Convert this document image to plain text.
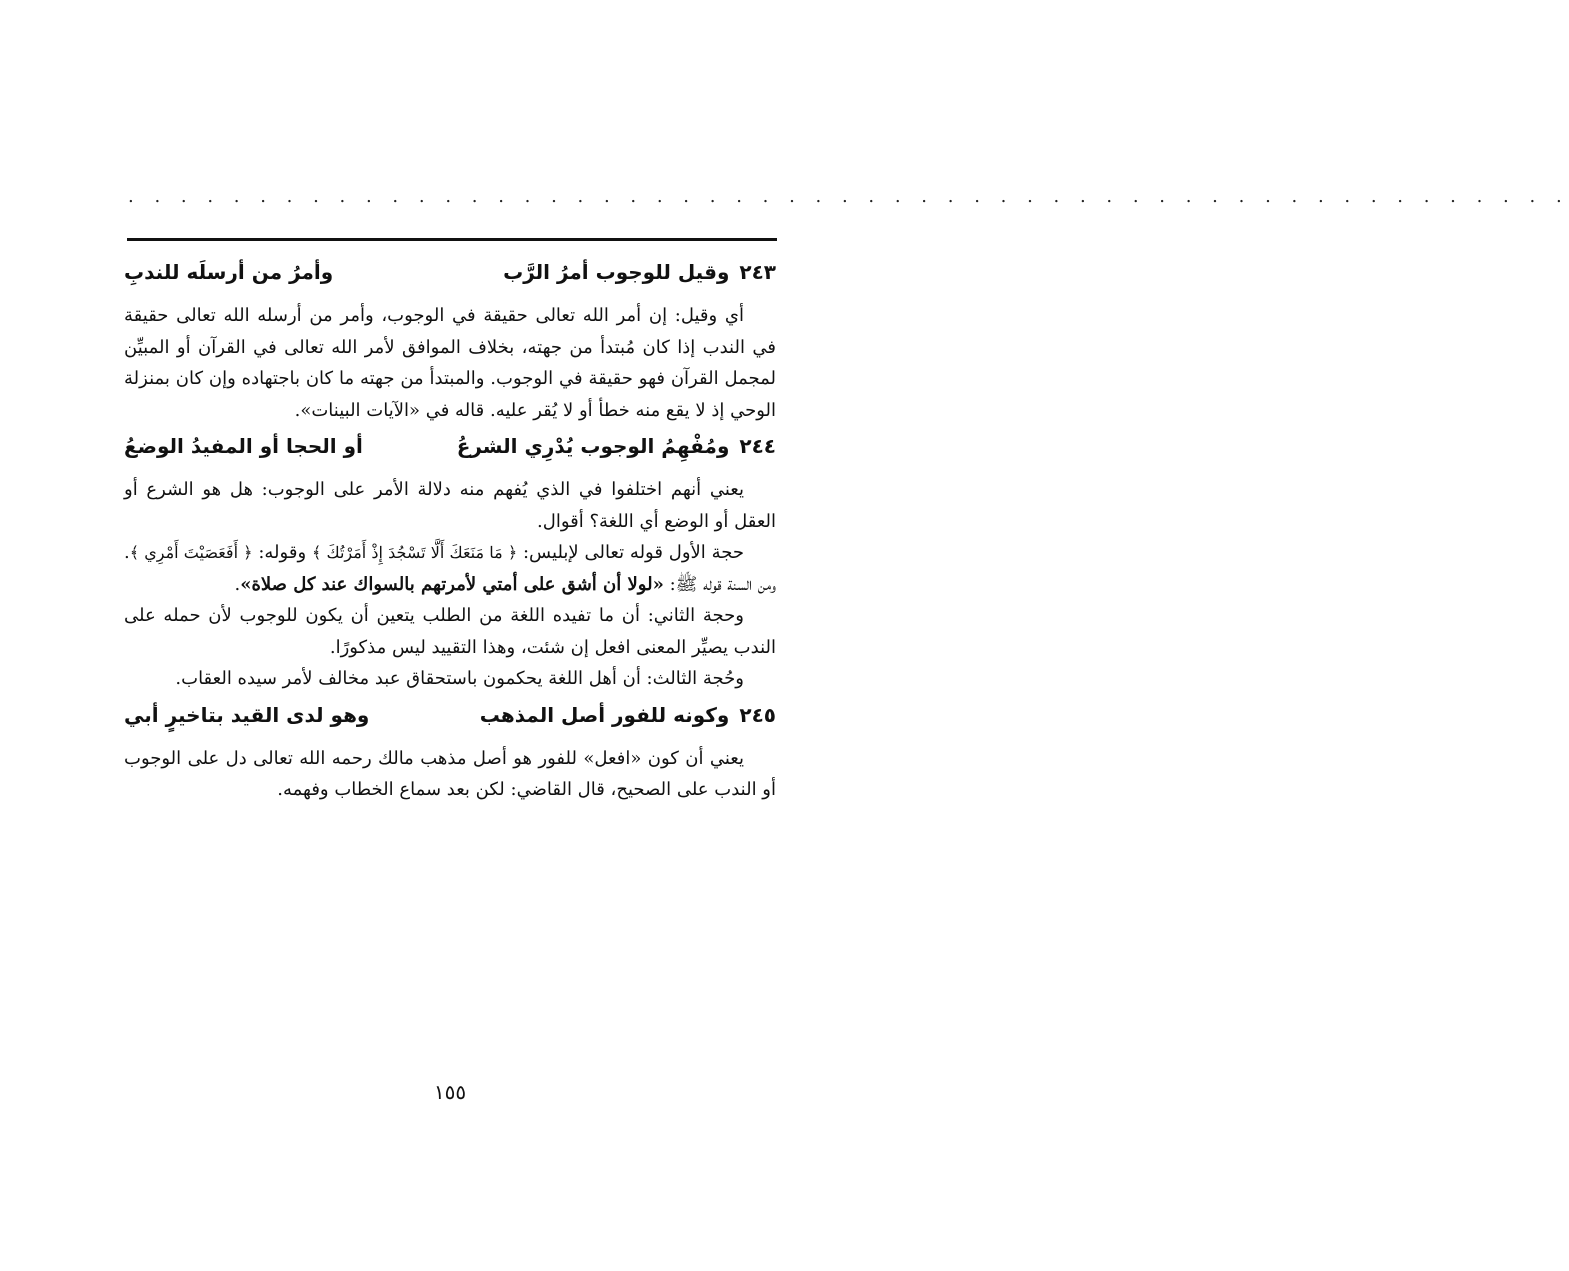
. . . . . . . . . . . . . . . . . . . . . . . . . . . . . . . . . . . . . . . . . . . . . . . . . . . . . . .
٢٤٣
وقيل للوجوب أمرُ الرَّب
وأمرُ من أرسلَه للندبِ

أي وقيل: إن أمر الله تعالى حقيقة في الوجوب، وأمر من أرسله الله تعالى حقيقة في الندب إذا كان مُبتدأ من جهته، بخلاف الموافق لأمر الله تعالى في القرآن أو المبيِّن لمجمل القرآن فهو حقيقة في الوجوب. والمبتدأ من جهته ما كان باجتهاده وإن كان بمنزلة الوحي إذ لا يقع منه خطأ أو لا يُقر عليه. قاله في «الآيات البينات».

٢٤٤
ومُفْهِمُ الوجوب يُدْرِي الشرعُ
أو الحجا أو المفيدُ الوضعُ

يعني أنهم اختلفوا في الذي يُفهم منه دلالة الأمر على الوجوب: هل هو الشرع أو العقل أو الوضع أي اللغة؟ أقوال.

حجة الأول قوله تعالى لإبليس: ﴿ مَا مَنَعَكَ أَلَّا تَسْجُدَ إِذْ أَمَرْتُكَ ﴾ وقوله: ﴿ أَفَعَصَيْتَ أَمْرِي ﴾. ومن السنة قوله ﷺ: «لولا أن أشق على أمتي لأمرتهم بالسواك عند كل صلاة».

وحجة الثاني: أن ما تفيده اللغة من الطلب يتعين أن يكون للوجوب لأن حمله على الندب يصيِّر المعنى افعل إن شئت، وهذا التقييد ليس مذكورًا.

وحُجة الثالث: أن أهل اللغة يحكمون باستحقاق عبد مخالف لأمر سيده العقاب.

٢٤٥
وكونه للفور أصل المذهب
وهو لدى القيد بتاخيرٍ أبي

يعني أن كون «افعل» للفور هو أصل مذهب مالك رحمه الله تعالى دل على الوجوب أو الندب على الصحيح، قال القاضي: لكن بعد سماع الخطاب وفهمه.

١٥٥
